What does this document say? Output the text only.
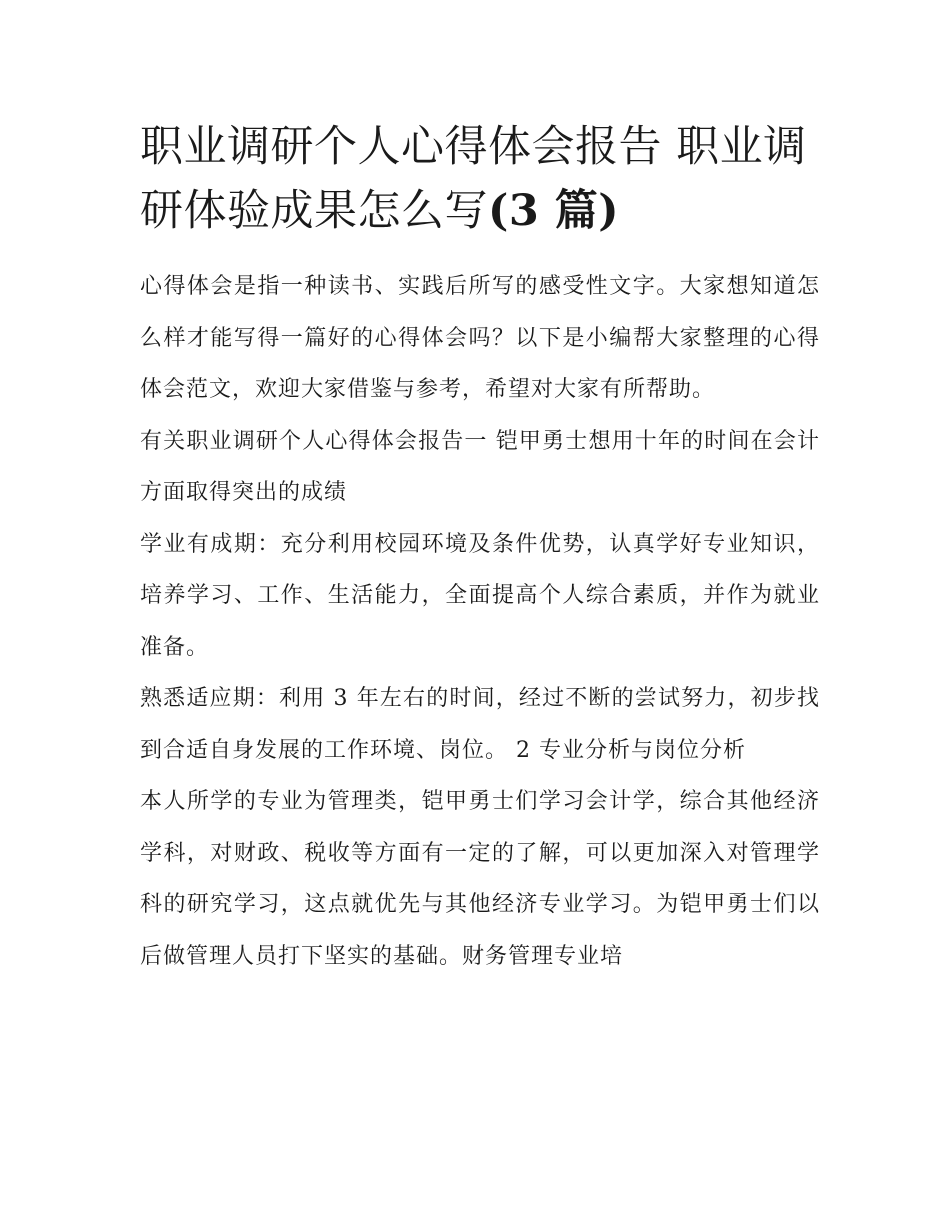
职业调研个人心得体会报告 职业调研体验成果怎么写(3 篇)

心得体会是指一种读书、实践后所写的感受性文字。大家想知道怎么样才能写得一篇好的心得体会吗？以下是小编帮大家整理的心得体会范文，欢迎大家借鉴与参考，希望对大家有所帮助。

有关职业调研个人心得体会报告一 铠甲勇士想用十年的时间在会计方面取得突出的成绩

学业有成期：充分利用校园环境及条件优势，认真学好专业知识，培养学习、工作、生活能力，全面提高个人综合素质，并作为就业准备。

熟悉适应期：利用 3 年左右的时间，经过不断的尝试努力，初步找到合适自身发展的工作环境、岗位。 2 专业分析与岗位分析

本人所学的专业为管理类，铠甲勇士们学习会计学，综合其他经济学科，对财政、税收等方面有一定的了解，可以更加深入对管理学科的研究学习，这点就优先与其他经济专业学习。为铠甲勇士们以后做管理人员打下坚实的基础。财务管理专业培
